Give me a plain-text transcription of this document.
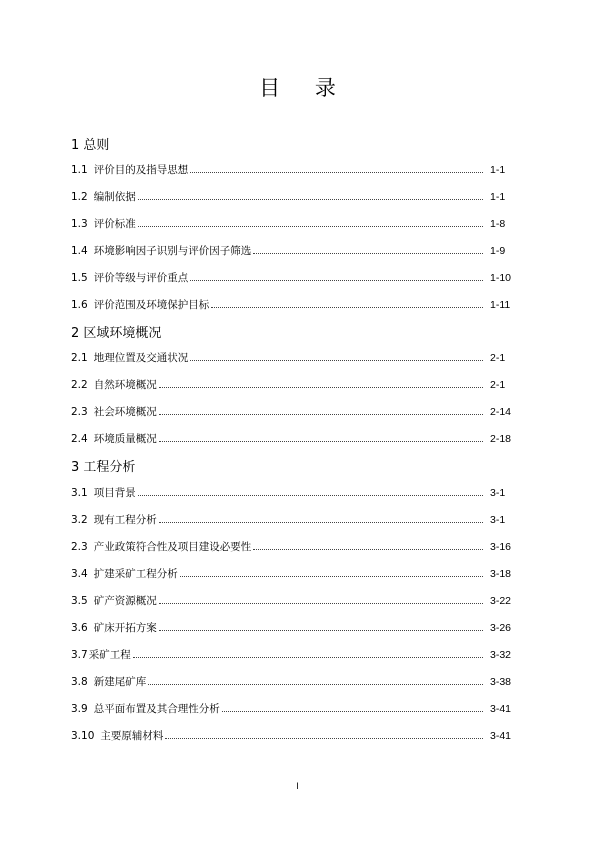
目 录
1 总则
1.1 评价目的及指导思想	1-1
1.2 编制依据	1-1
1.3 评价标准	1-8
1.4 环境影响因子识别与评价因子筛选	1-9
1.5 评价等级与评价重点	1-10
1.6 评价范围及环境保护目标	1-11
2 区域环境概况
2.1 地理位置及交通状况	2-1
2.2 自然环境概况	2-1
2.3 社会环境概况	2-14
2.4 环境质量概况	2-18
3 工程分析
3.1 项目背景	3-1
3.2 现有工程分析	3-1
2.3 产业政策符合性及项目建设必要性	3-16
3.4 扩建采矿工程分析	3-18
3.5 矿产资源概况	3-22
3.6 矿床开拓方案	3-26
3.7采矿工程	3-32
3.8 新建尾矿库	3-38
3.9 总平面布置及其合理性分析	3-41
3.10 主要原辅材料	3-41
I
